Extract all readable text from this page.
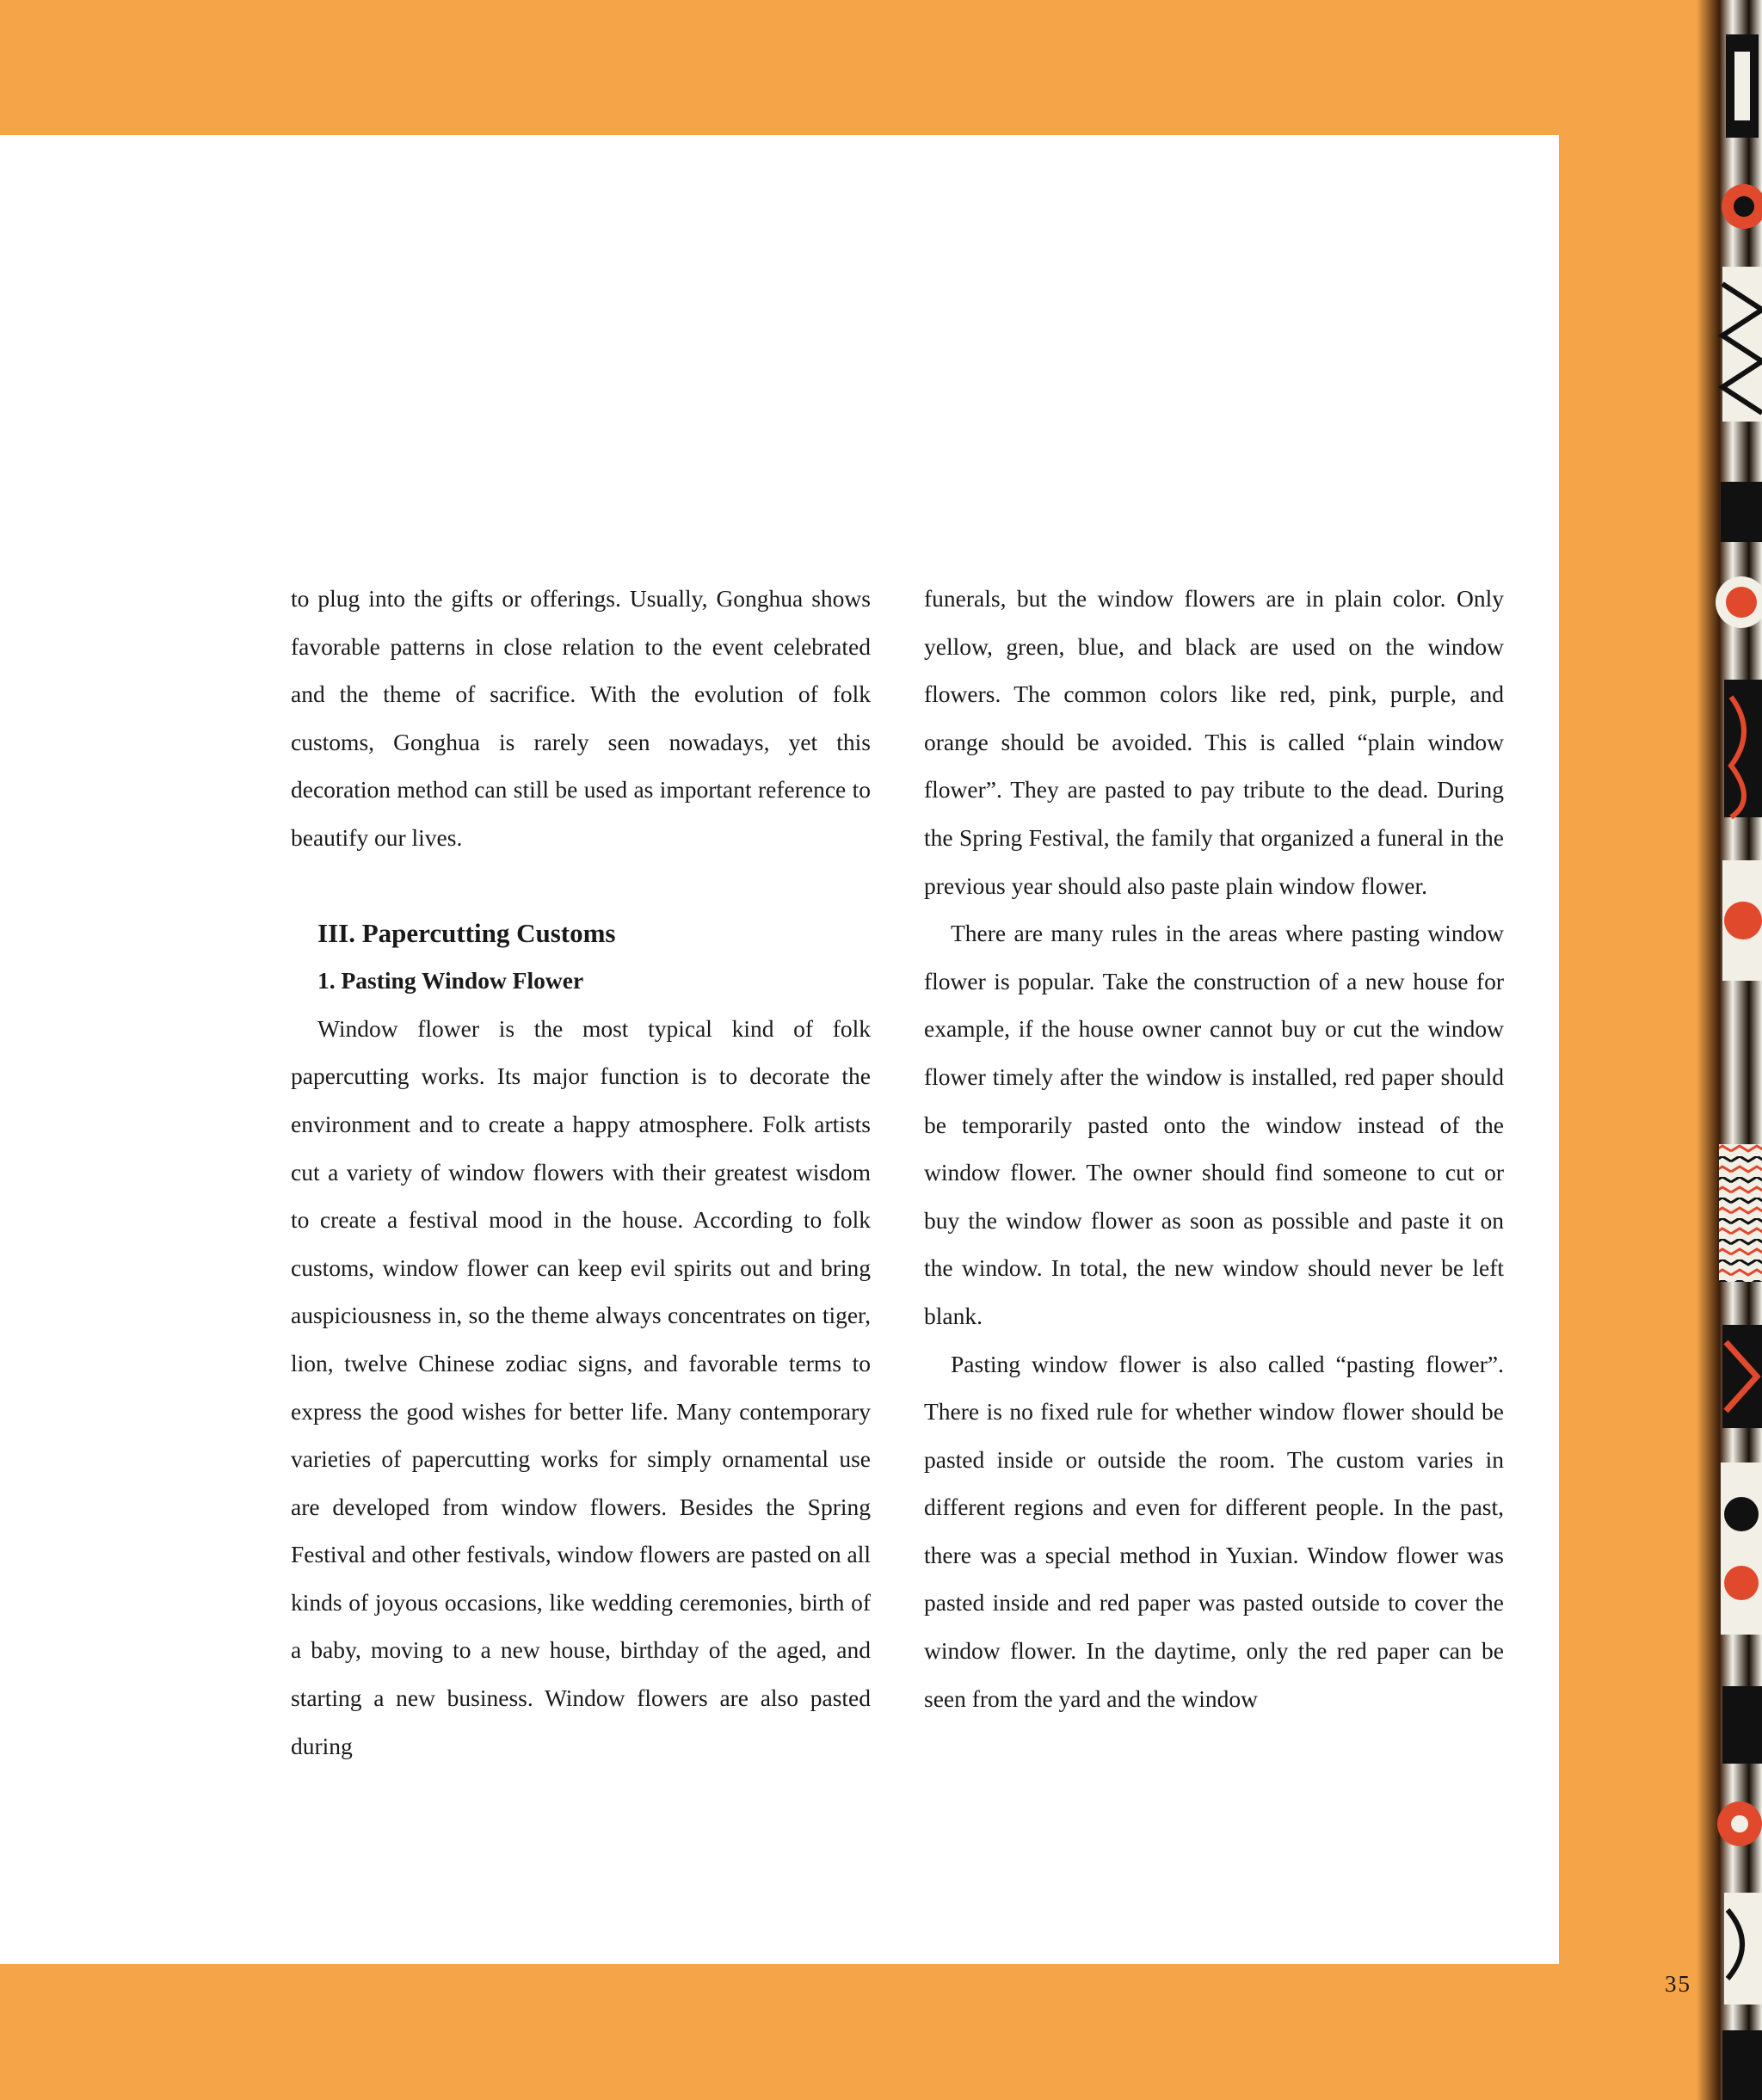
to plug into the gifts or offerings. Usually, Gonghua shows favorable patterns in close relation to the event celebrated and the theme of sacrifice. With the evolution of folk customs, Gonghua is rarely seen nowadays, yet this decoration method can still be used as important reference to beautify our lives.

III. Papercutting Customs
1. Pasting Window Flower

Window flower is the most typical kind of folk papercutting works. Its major function is to decorate the environment and to create a happy atmosphere. Folk artists cut a variety of window flowers with their greatest wisdom to create a festival mood in the house. According to folk customs, window flower can keep evil spirits out and bring auspiciousness in, so the theme always concentrates on tiger, lion, twelve Chinese zodiac signs, and favorable terms to express the good wishes for better life. Many contemporary varieties of papercutting works for simply ornamental use are developed from window flowers. Besides the Spring Festival and other festivals, window flowers are pasted on all kinds of joyous occasions, like wedding ceremonies, birth of a baby, moving to a new house, birthday of the aged, and starting a new business. Window flowers are also pasted during

funerals, but the window flowers are in plain color. Only yellow, green, blue, and black are used on the window flowers. The common colors like red, pink, purple, and orange should be avoided. This is called “plain window flower”. They are pasted to pay tribute to the dead. During the Spring Festival, the family that organized a funeral in the previous year should also paste plain window flower.

There are many rules in the areas where pasting window flower is popular. Take the construction of a new house for example, if the house owner cannot buy or cut the window flower timely after the window is installed, red paper should be temporarily pasted onto the window instead of the window flower. The owner should find someone to cut or buy the window flower as soon as possible and paste it on the window. In total, the new window should never be left blank.

Pasting window flower is also called “pasting flower”. There is no fixed rule for whether window flower should be pasted inside or outside the room. The custom varies in different regions and even for different people. In the past, there was a special method in Yuxian. Window flower was pasted inside and red paper was pasted outside to cover the window flower. In the daytime, only the red paper can be seen from the yard and the window

35
